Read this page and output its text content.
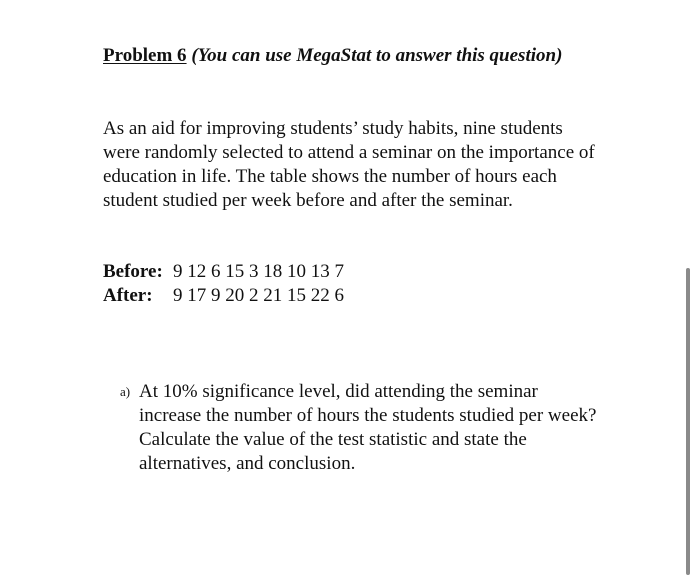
Problem 6 (You can use MegaStat to answer this question)

As an aid for improving students’ study habits, nine students were randomly selected to attend a seminar on the importance of education in life. The table shows the number of hours each student studied per week before and after the seminar.

Before: 9 12 6 15 3 18 10 13 7
After: 9 17 9 20 2 21 15 22 6
a) At 10% significance level, did attending the seminar increase the number of hours the students studied per week? Calculate the value of the test statistic and state the alternatives, and conclusion.
